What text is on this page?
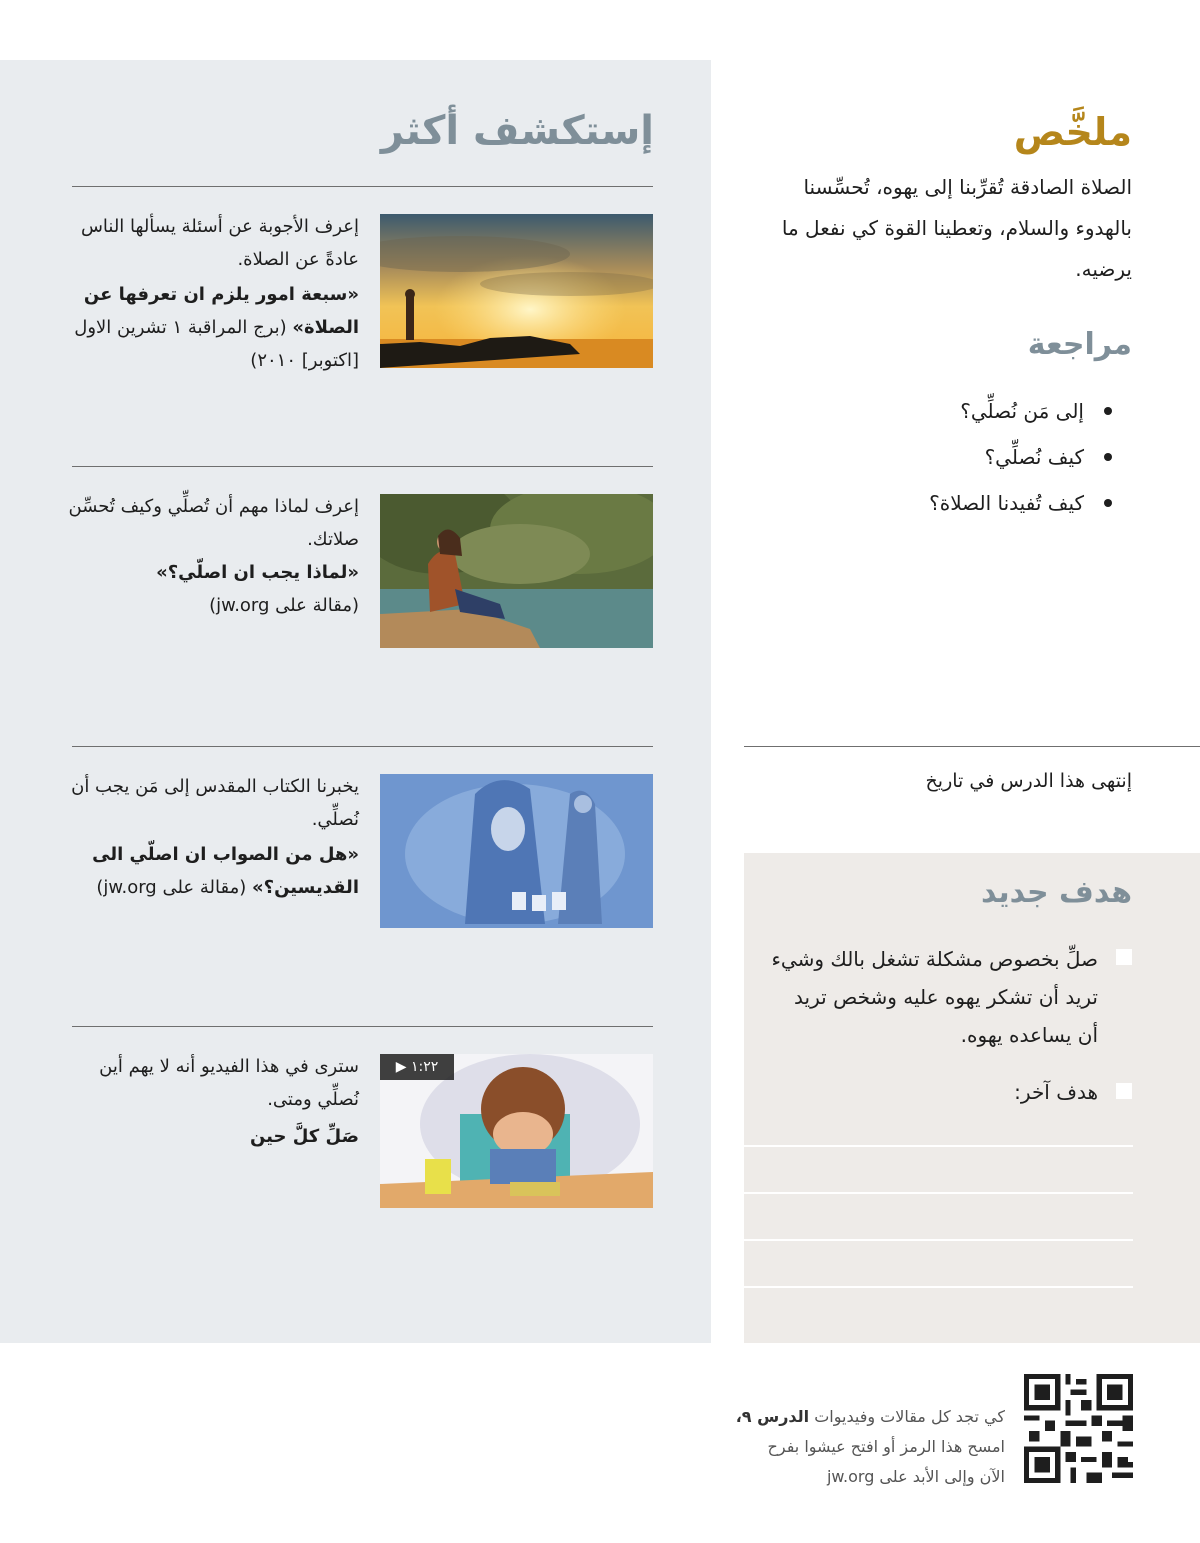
إستكشف أكثر
إعرف الأجوبة عن أسئلة يسألها الناس عادةً عن الصلاة.
«سبعة امور يلزم ان تعرفها عن الصلاة» (برج المراقبة ١ تشرين الاول [اكتوبر] ٢٠١٠)
إعرف لماذا مهم أن تُصلِّي وكيف تُحسِّن صلاتك.
«لماذا يجب ان اصلّي؟»
(مقالة على jw.org)
يخبرنا الكتاب المقدس إلى مَن يجب أن نُصلِّي.
«هل من الصواب ان اصلّي الى القديسين؟» (مقالة على jw.org)
▶ ١:٢٢
سترى في هذا الفيديو أنه لا يهم أين نُصلِّي ومتى.
صَلِّ كلَّ حين
ملخَّص
الصلاة الصادقة تُقرِّبنا إلى يهوه، تُحسِّسنا بالهدوء والسلام، وتعطينا القوة كي نفعل ما يرضيه.
مراجعة
إلى مَن نُصلِّي؟
كيف نُصلِّي؟
كيف تُفيدنا الصلاة؟
إنتهى هذا الدرس في تاريخ
هدف جديد
صلِّ بخصوص مشكلة تشغل بالك وشيء تريد أن تشكر يهوه عليه وشخص تريد أن يساعده يهوه.
هدف آخر:
كي تجد كل مقالات وفيديوات الدرس ٩،
امسح هذا الرمز أو افتح عيشوا بفرح
الآن وإلى الأبد على jw.org
